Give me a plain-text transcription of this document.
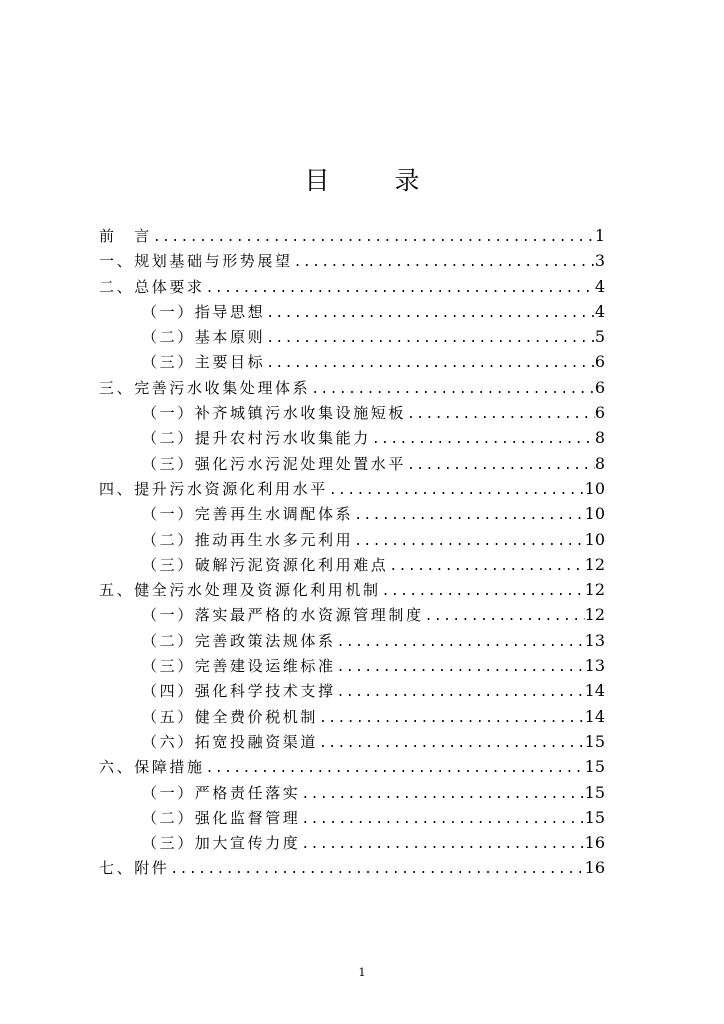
目　录
前　言 .....	1
一、规划基础与形势展望 .....	3
二、总体要求 .....	4
（一）指导思想 .....	4
（二）基本原则 .....	5
（三）主要目标 .....	6
三、完善污水收集处理体系 .....	6
（一）补齐城镇污水收集设施短板 .....	6
（二）提升农村污水收集能力 .....	8
（三）强化污水污泥处理处置水平 .....	8
四、提升污水资源化利用水平 .....	10
（一）完善再生水调配体系 .....	10
（二）推动再生水多元利用 .....	10
（三）破解污泥资源化利用难点 .....	12
五、健全污水处理及资源化利用机制 .....	12
（一）落实最严格的水资源管理制度 .....	12
（二）完善政策法规体系 .....	13
（三）完善建设运维标准 .....	13
（四）强化科学技术支撑 .....	14
（五）健全费价税机制 .....	14
（六）拓宽投融资渠道 .....	15
六、保障措施 .....	15
（一）严格责任落实 .....	15
（二）强化监督管理 .....	15
（三）加大宣传力度 .....	16
七、附件 .....	16
1
